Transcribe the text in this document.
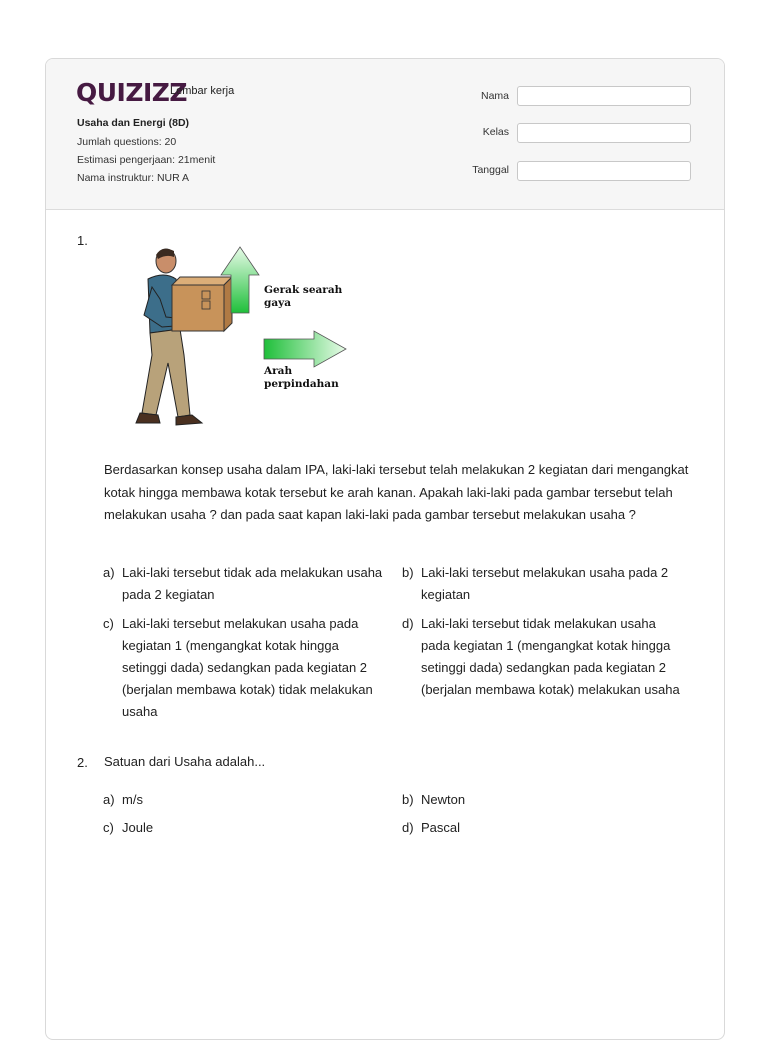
QUIZIZZ
Lembar kerja
Usaha dan Energi (8D)
Jumlah questions: 20
Estimasi pengerjaan: 21menit
Nama instruktur: NUR A
Nama
Kelas
Tanggal
1.
Gerak searah
gaya
Arah
perpindahan
Berdasarkan konsep usaha dalam IPA, laki-laki tersebut telah melakukan 2 kegiatan dari mengangkat kotak hingga membawa kotak tersebut ke arah kanan. Apakah laki-laki pada gambar tersebut telah melakukan usaha ? dan pada saat kapan laki-laki pada gambar tersebut melakukan usaha ?
a) Laki-laki tersebut tidak ada melakukan usaha
pada 2 kegiatan
b) Laki-laki tersebut melakukan usaha pada 2
kegiatan
c) Laki-laki tersebut melakukan usaha pada
kegiatan 1 (mengangkat kotak hingga
setinggi dada) sedangkan pada kegiatan 2
(berjalan membawa kotak) tidak melakukan
usaha
d) Laki-laki tersebut tidak melakukan usaha
pada kegiatan 1 (mengangkat kotak hingga
setinggi dada) sedangkan pada kegiatan 2
(berjalan membawa kotak) melakukan usaha
2. Satuan dari Usaha adalah...
a) m/s	b) Newton
c) Joule	d) Pascal
